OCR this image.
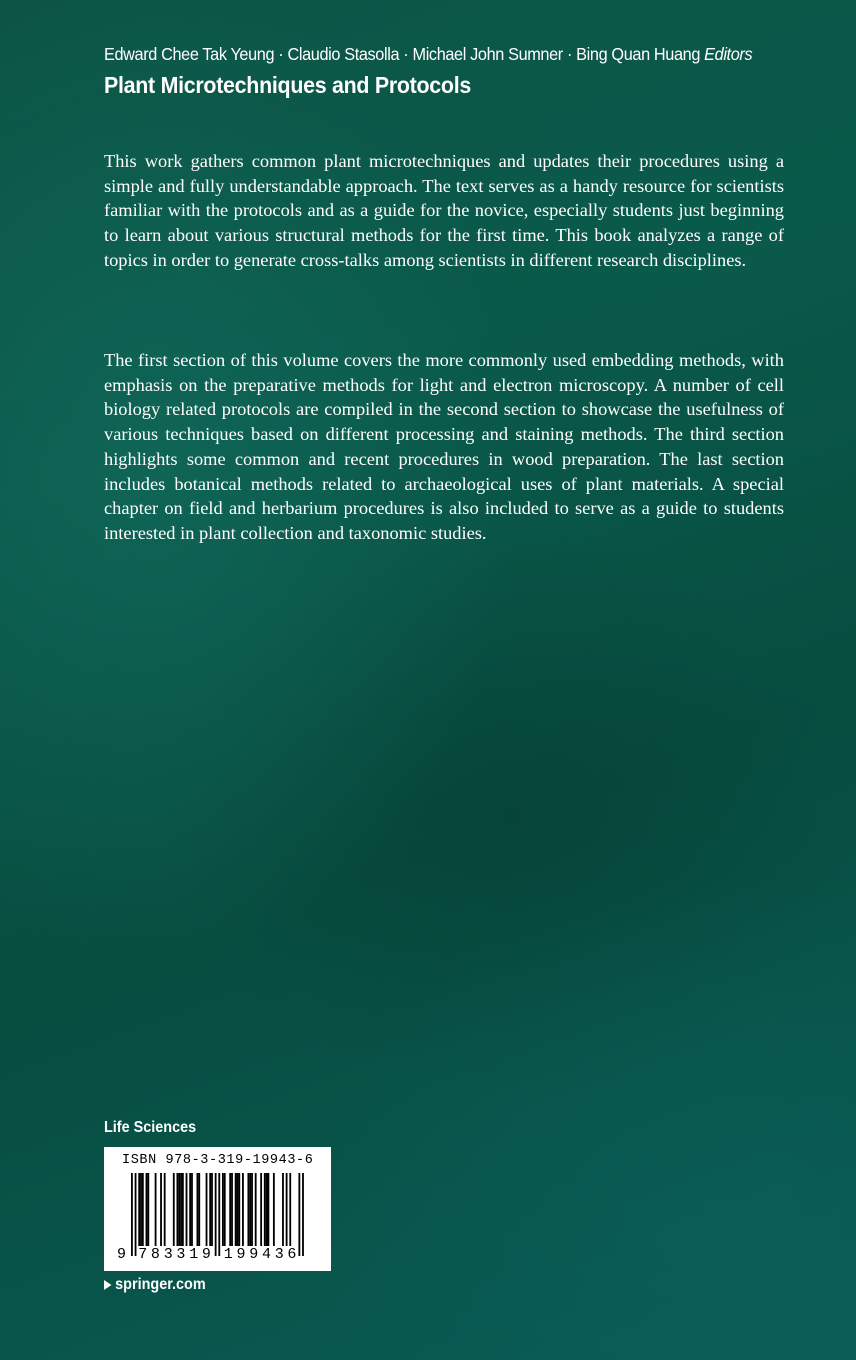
Edward Chee Tak Yeung · Claudio Stasolla · Michael John Sumner · Bing Quan Huang Editors
Plant Microtechniques and Protocols

This work gathers common plant microtechniques and updates their procedures using a simple and fully understandable approach. The text serves as a handy resource for scientists familiar with the protocols and as a guide for the novice, especially students just beginning to learn about various structural methods for the first time. This book analyzes a range of topics in order to generate cross-talks among scientists in different research disciplines.

The first section of this volume covers the more commonly used embedding methods, with emphasis on the preparative methods for light and electron microscopy. A number of cell biology related protocols are compiled in the second section to showcase the usefulness of various techniques based on different processing and staining methods. The third section highlights some common and recent procedures in wood preparation. The last section includes botanical methods related to archaeological uses of plant materials. A special chapter on field and herbarium procedures is also included to serve as a guide to students interested in plant collection and taxonomic studies.

Life Sciences
ISBN 978-3-319-19943-6
9 7 8 3 3 1 9 1 9 9 4 3 6
springer.com
